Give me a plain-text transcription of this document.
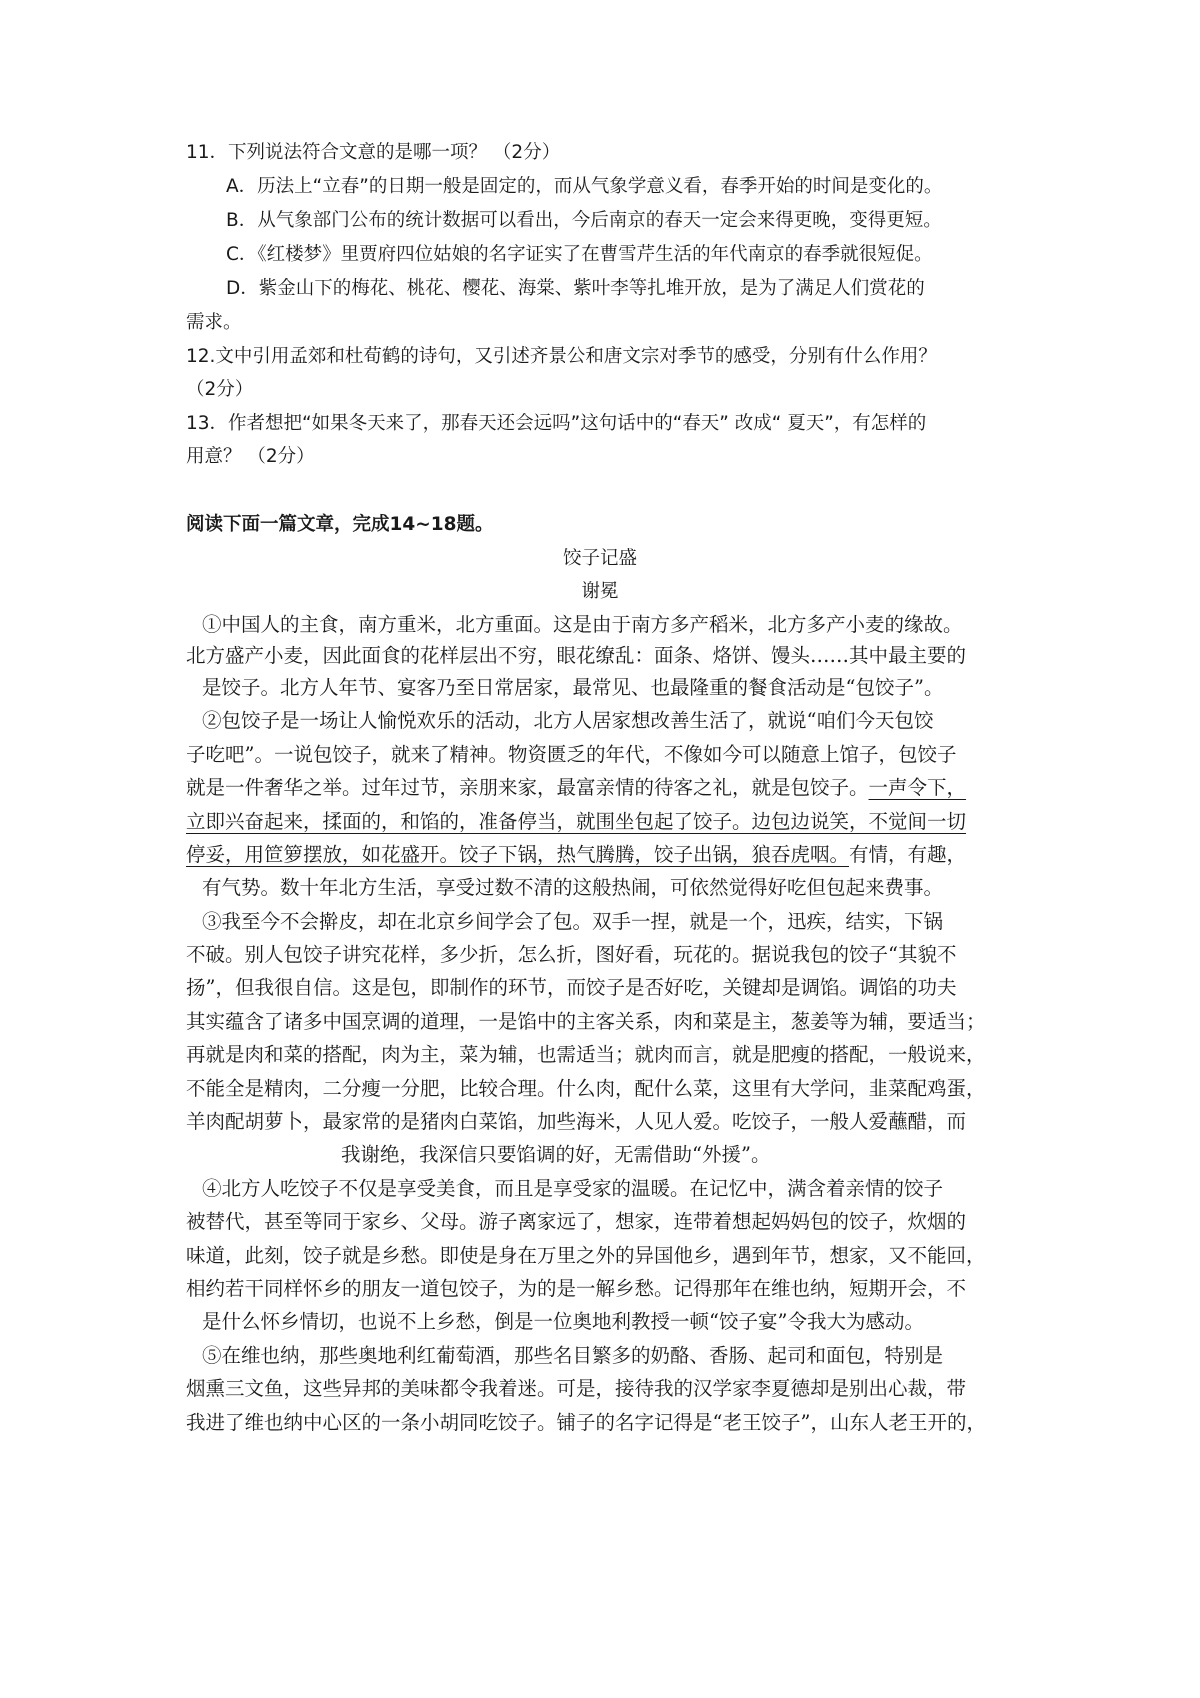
11．下列说法符合文意的是哪一项？ （2分）
A．历法上“立春”的日期一般是固定的，而从气象学意义看，春季开始的时间是变化的。
B．从气象部门公布的统计数据可以看出，今后南京的春天一定会来得更晚，变得更短。
C．《红楼梦》里贾府四位姑娘的名字证实了在曹雪芹生活的年代南京的春季就很短促。
D．紫金山下的梅花、桃花、樱花、海棠、紫叶李等扎堆开放，是为了满足人们赏花的
需求。
12.文中引用孟郊和杜荀鹤的诗句，又引述齐景公和唐文宗对季节的感受，分别有什么作用？
（2分）
13．作者想把“如果冬天来了，那春天还会远吗”这句话中的“春天” 改成“ 夏天”，有怎样的
用意？ （2分）
阅读下面一篇文章，完成14~18题。
饺子记盛
谢冕
①中国人的主食，南方重米，北方重面。这是由于南方多产稻米，北方多产小麦的缘故。
北方盛产小麦，因此面食的花样层出不穷，眼花缭乱：面条、烙饼、馒头……其中最主要的
是饺子。北方人年节、宴客乃至日常居家，最常见、也最隆重的餐食活动是“包饺子”。
②包饺子是一场让人愉悦欢乐的活动，北方人居家想改善生活了，就说“咱们今天包饺
子吃吧”。一说包饺子，就来了精神。物资匮乏的年代，不像如今可以随意上馆子，包饺子
就是一件奢华之举。过年过节，亲朋来家，最富亲情的待客之礼，就是包饺子。一声令下，
立即兴奋起来，揉面的，和馅的，准备停当，就围坐包起了饺子。边包边说笑，不觉间一切
停妥，用笸箩摆放，如花盛开。饺子下锅，热气腾腾，饺子出锅，狼吞虎咽。有情，有趣，
有气势。数十年北方生活，享受过数不清的这般热闹，可依然觉得好吃但包起来费事。
③我至今不会擀皮，却在北京乡间学会了包。双手一捏，就是一个，迅疾，结实，下锅
不破。别人包饺子讲究花样，多少折，怎么折，图好看，玩花的。据说我包的饺子“其貌不
扬”，但我很自信。这是包，即制作的环节，而饺子是否好吃，关键却是调馅。调馅的功夫
其实蕴含了诸多中国烹调的道理，一是馅中的主客关系，肉和菜是主，葱姜等为辅，要适当；
再就是肉和菜的搭配，肉为主，菜为辅，也需适当；就肉而言，就是肥瘦的搭配，一般说来，
不能全是精肉，二分瘦一分肥，比较合理。什么肉，配什么菜，这里有大学问，韭菜配鸡蛋，
羊肉配胡萝卜，最家常的是猪肉白菜馅，加些海米，人见人爱。吃饺子，一般人爱蘸醋，而
我谢绝，我深信只要馅调的好，无需借助“外援”。
④北方人吃饺子不仅是享受美食，而且是享受家的温暖。在记忆中，满含着亲情的饺子
被替代，甚至等同于家乡、父母。游子离家远了，想家，连带着想起妈妈包的饺子，炊烟的
味道，此刻，饺子就是乡愁。即使是身在万里之外的异国他乡，遇到年节，想家，又不能回，
相约若干同样怀乡的朋友一道包饺子，为的是一解乡愁。记得那年在维也纳，短期开会，不
是什么怀乡情切，也说不上乡愁，倒是一位奥地利教授一顿“饺子宴”令我大为感动。
⑤在维也纳，那些奥地利红葡萄酒，那些名目繁多的奶酪、香肠、起司和面包，特别是
烟熏三文鱼，这些异邦的美味都令我着迷。可是，接待我的汉学家李夏德却是别出心裁，带
我进了维也纳中心区的一条小胡同吃饺子。铺子的名字记得是“老王饺子”，山东人老王开的，
